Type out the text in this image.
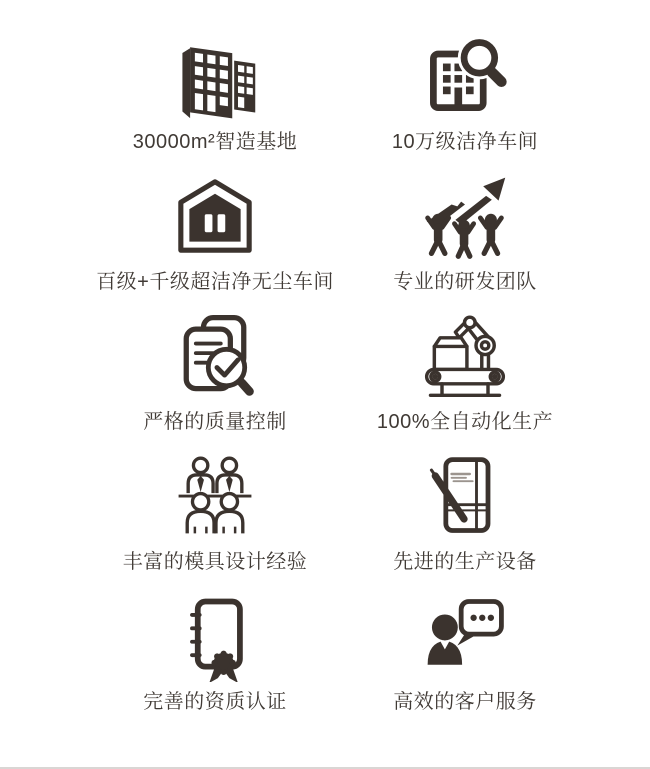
30000m²智造基地	10万级洁净车间
百级+千级超洁净无尘车间	专业的研发团队
严格的质量控制	100%全自动化生产
丰富的模具设计经验	先进的生产设备
完善的资质认证	高效的客户服务
